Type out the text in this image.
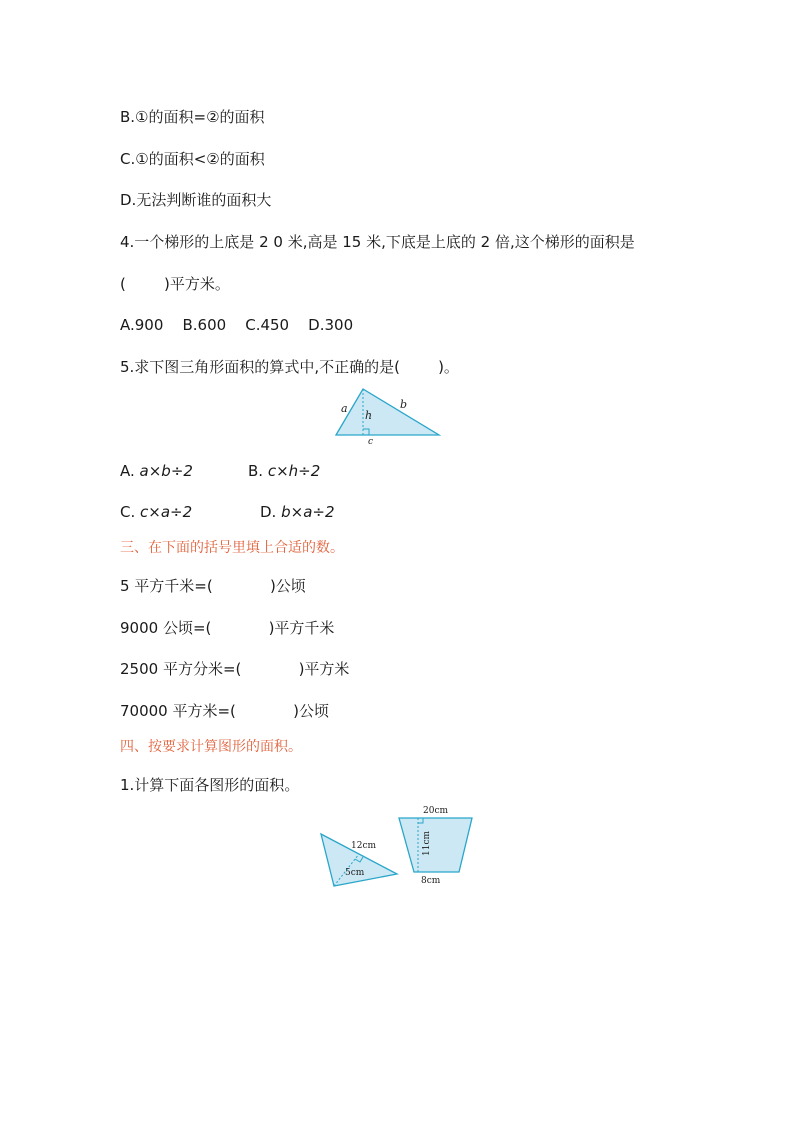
B.①的面积=②的面积
C.①的面积<②的面积
D.无法判断谁的面积大
4.一个梯形的上底是 2 0 米,高是 15 米,下底是上底的 2 倍,这个梯形的面积是
(        )平方米。
A.900    B.600    C.450    D.300
5.求下图三角形面积的算式中,不正确的是(        )。
a	b
h
c

A. a×b÷2

	B. c×h÷2

C. c×a÷2

	D. b×a÷2

三、在下面的括号里填上合适的数。
5 平方千米=(            )公顷
9000 公顷=(            )平方千米
2500 平方分米=(            )平方米
70000 平方米=(            )公顷
四、按要求计算图形的面积。
1.计算下面各图形的面积。
12cm
5cm
20cm
11cm
8cm
